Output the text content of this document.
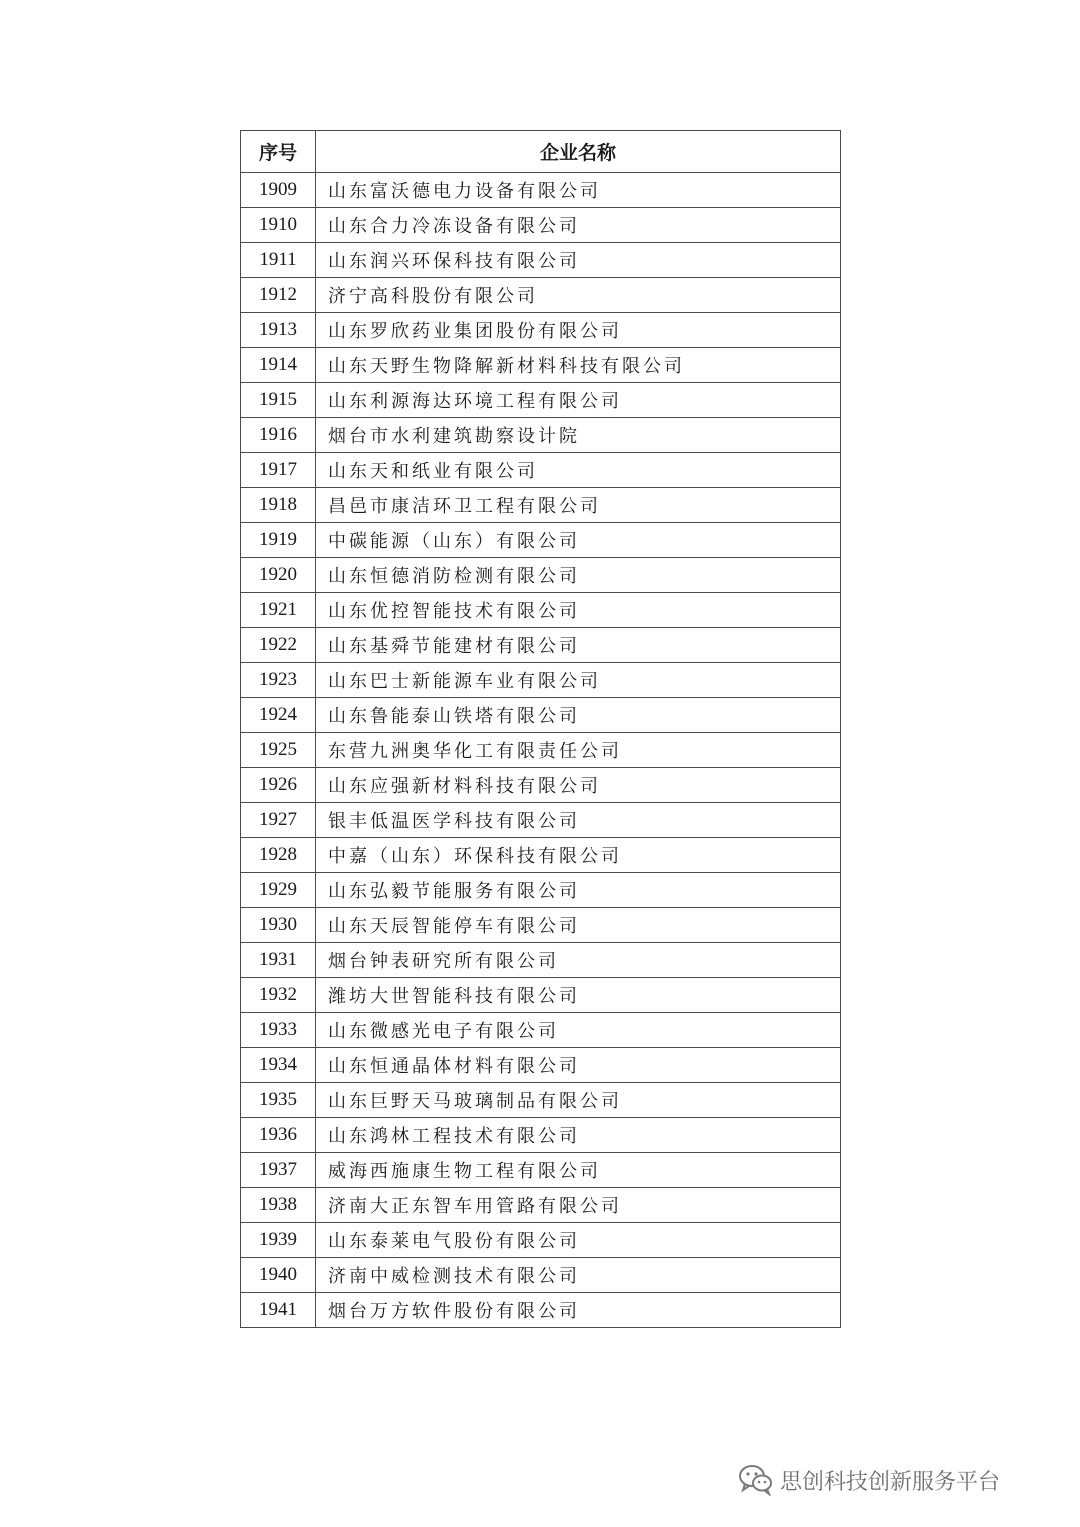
序号	企业名称
1909	山东富沃德电力设备有限公司
1910	山东合力冷冻设备有限公司
1911	山东润兴环保科技有限公司
1912	济宁高科股份有限公司
1913	山东罗欣药业集团股份有限公司
1914	山东天野生物降解新材料科技有限公司
1915	山东利源海达环境工程有限公司
1916	烟台市水利建筑勘察设计院
1917	山东天和纸业有限公司
1918	昌邑市康洁环卫工程有限公司
1919	中碳能源（山东）有限公司
1920	山东恒德消防检测有限公司
1921	山东优控智能技术有限公司
1922	山东基舜节能建材有限公司
1923	山东巴士新能源车业有限公司
1924	山东鲁能泰山铁塔有限公司
1925	东营九洲奥华化工有限责任公司
1926	山东应强新材料科技有限公司
1927	银丰低温医学科技有限公司
1928	中嘉（山东）环保科技有限公司
1929	山东弘毅节能服务有限公司
1930	山东天辰智能停车有限公司
1931	烟台钟表研究所有限公司
1932	潍坊大世智能科技有限公司
1933	山东微感光电子有限公司
1934	山东恒通晶体材料有限公司
1935	山东巨野天马玻璃制品有限公司
1936	山东鸿林工程技术有限公司
1937	威海西施康生物工程有限公司
1938	济南大正东智车用管路有限公司
1939	山东泰莱电气股份有限公司
1940	济南中威检测技术有限公司
1941	烟台万方软件股份有限公司
思创科技创新服务平台
